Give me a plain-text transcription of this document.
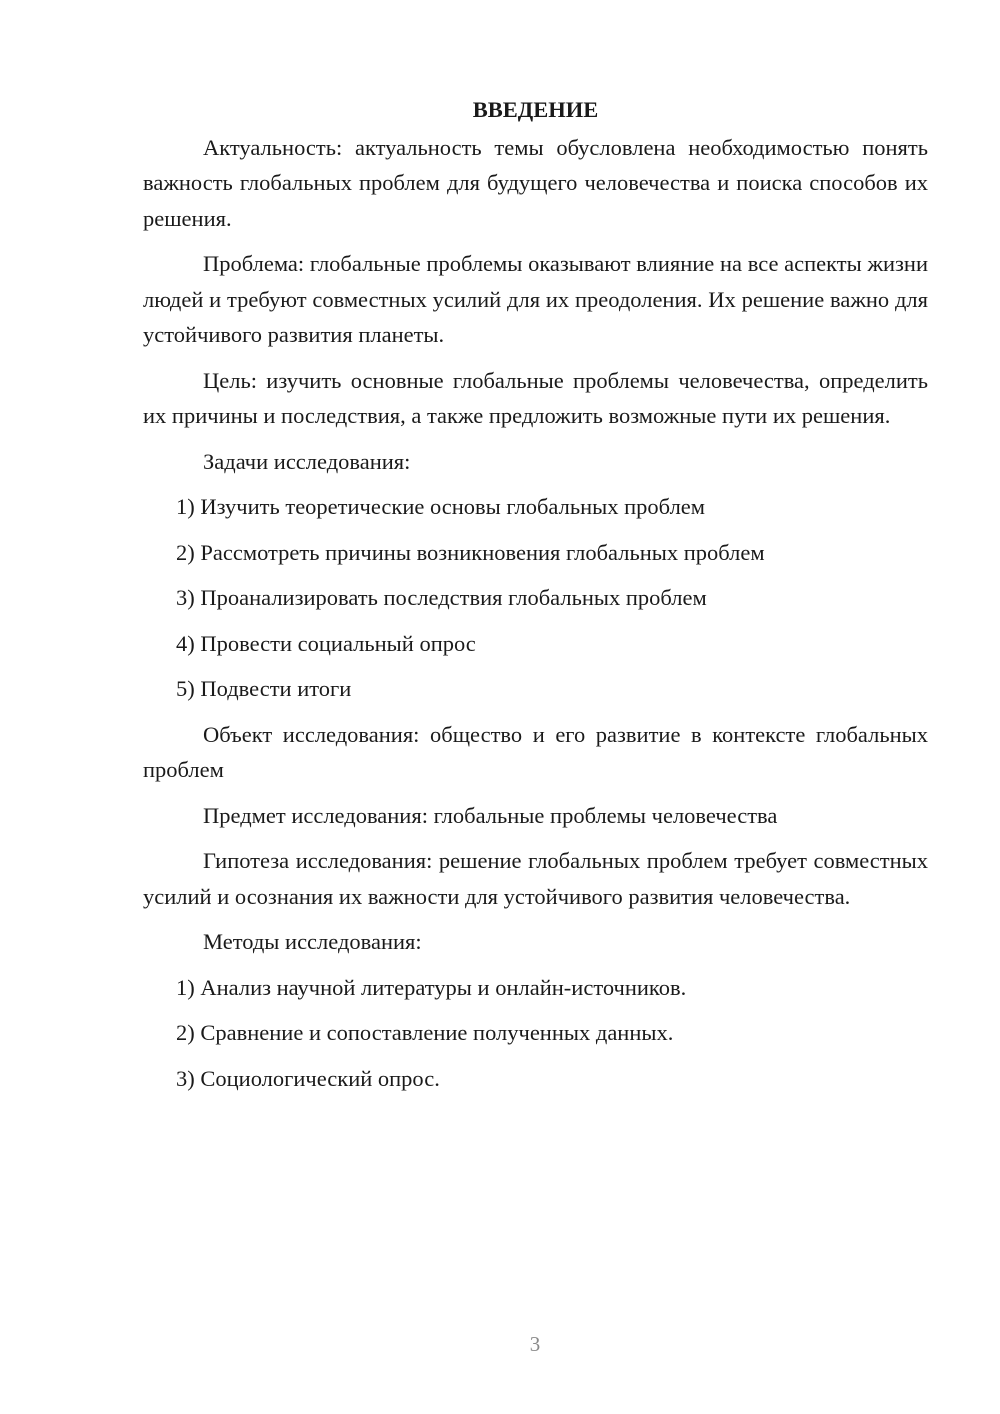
ВВЕДЕНИЕ

Актуальность: актуальность темы обусловлена необходимостью понять важность глобальных проблем для будущего человечества и поиска способов их решения.

Проблема: глобальные проблемы оказывают влияние на все аспекты жизни людей и требуют совместных усилий для их преодоления. Их решение важно для устойчивого развития планеты.

Цель: изучить основные глобальные проблемы человечества, определить их причины и последствия, а также предложить возможные пути их решения.

Задачи исследования:

1) Изучить теоретические основы глобальных проблем

2) Рассмотреть причины возникновения глобальных проблем

3) Проанализировать последствия глобальных проблем

4) Провести социальный опрос

5) Подвести итоги

Объект исследования: общество и его развитие в контексте глобальных проблем

Предмет исследования: глобальные проблемы человечества

Гипотеза исследования: решение глобальных проблем требует совместных усилий и осознания их важности для устойчивого развития человечества.

Методы исследования:

1) Анализ научной литературы и онлайн-источников.

2) Сравнение и сопоставление полученных данных.

3) Социологический опрос.

3
